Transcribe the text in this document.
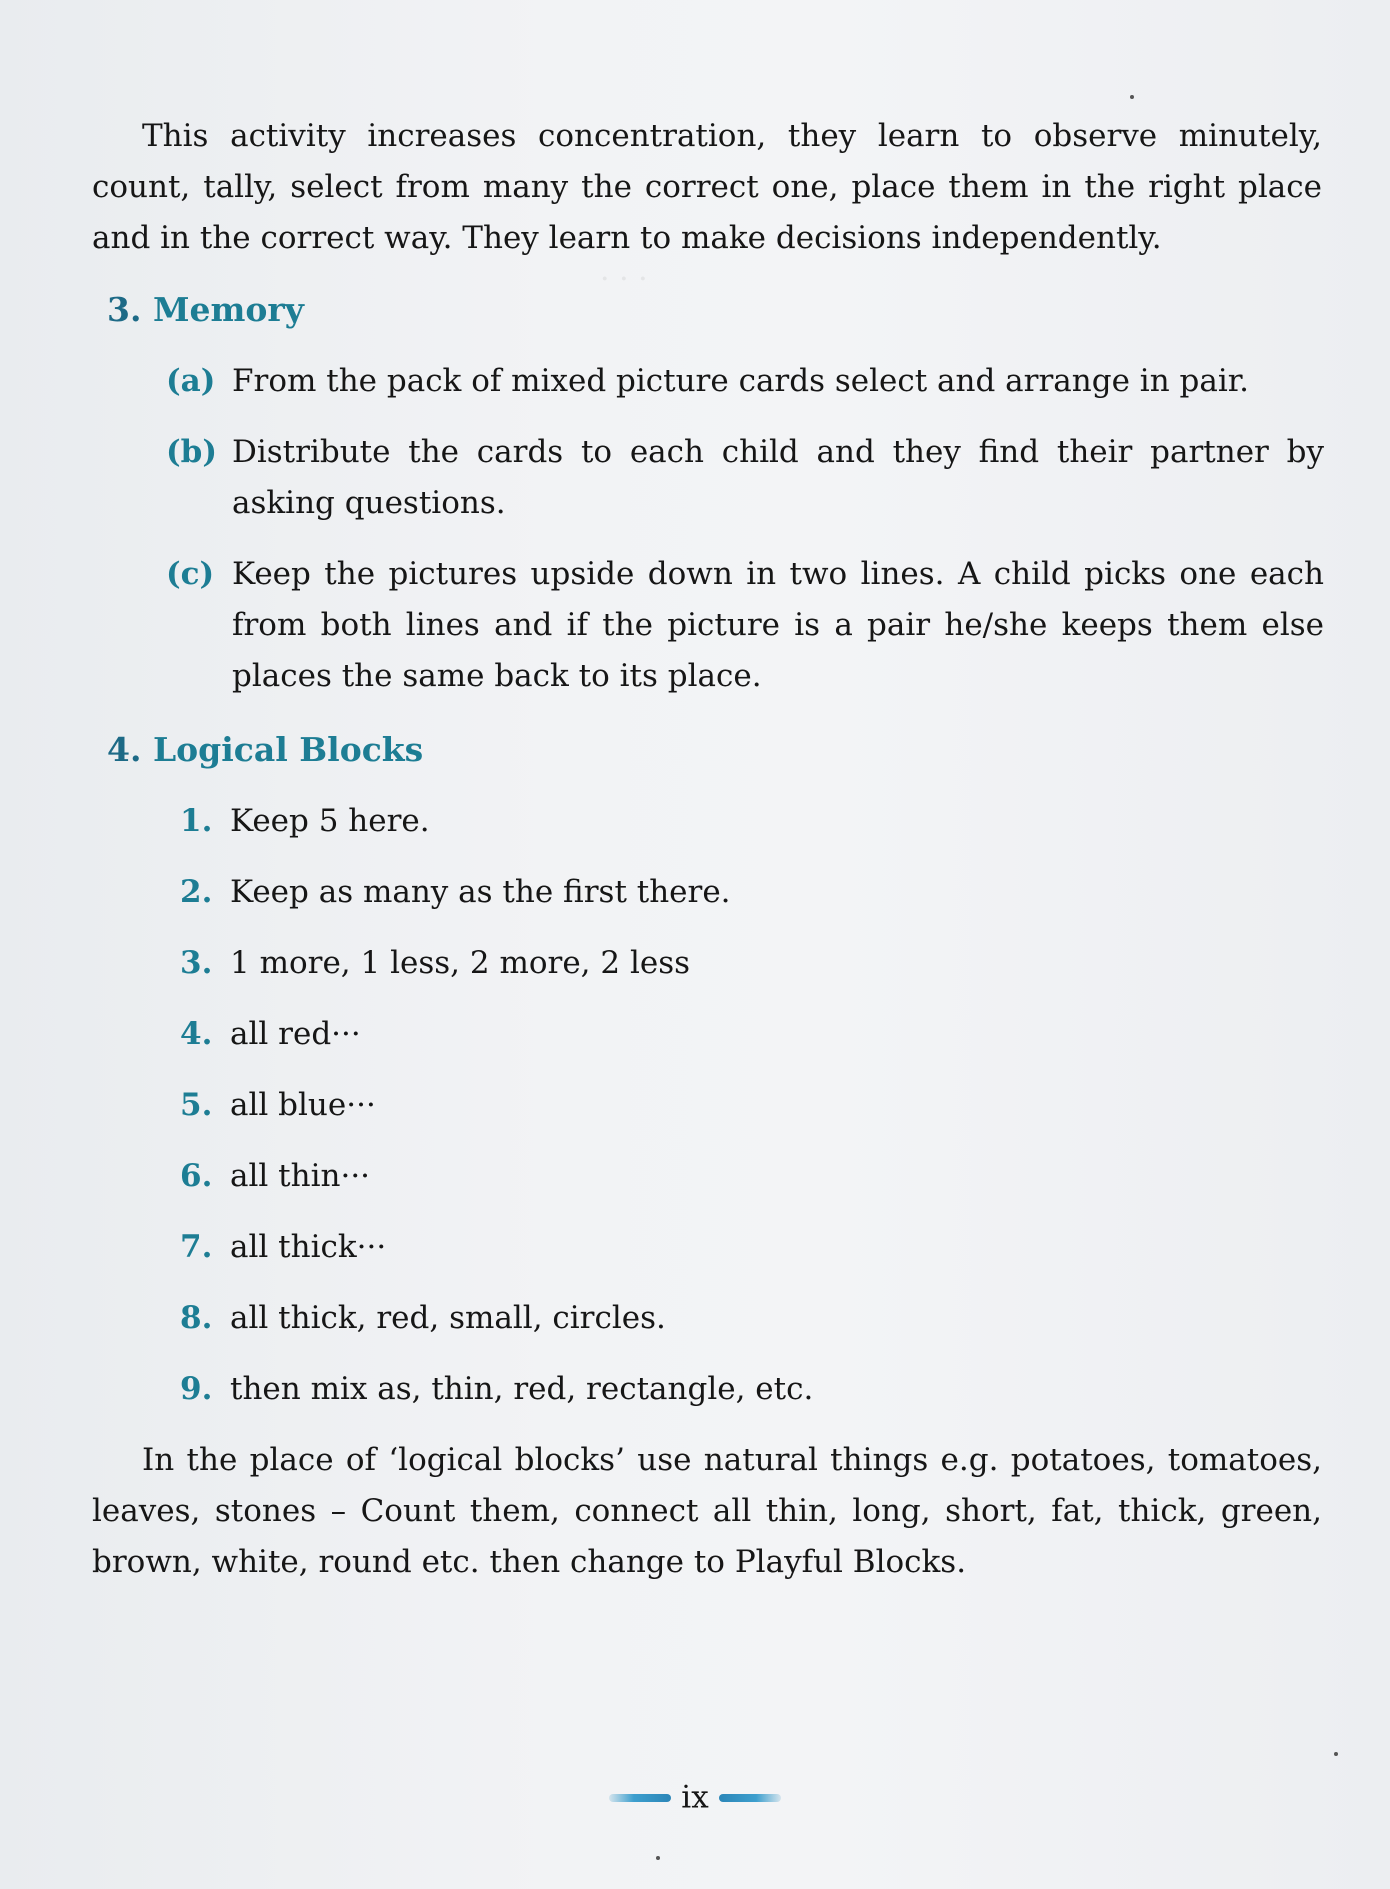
· · ·

This activity increases concentration, they learn to observe minutely, count, tally, select from many the correct one, place them in the right place and in the correct way. They learn to make decisions independently.

3. Memory
(a) From the pack of mixed picture cards select and arrange in pair.
(b) Distribute the cards to each child and they find their partner by asking questions.
(c) Keep the pictures upside down in two lines. A child picks one each from both lines and if the picture is a pair he/she keeps them else places the same back to its place.
4. Logical Blocks
1. Keep 5 here.
2. Keep as many as the first there.
3. 1 more, 1 less, 2 more, 2 less
4. all red···
5. all blue···
6. all thin···
7. all thick···
8. all thick, red, small, circles.
9. then mix as, thin, red, rectangle, etc.

In the place of ‘logical blocks’ use natural things e.g. potatoes, tomatoes, leaves, stones – Count them, connect all thin, long, short, fat, thick, green, brown, white, round etc. then change to Playful Blocks.

ix
